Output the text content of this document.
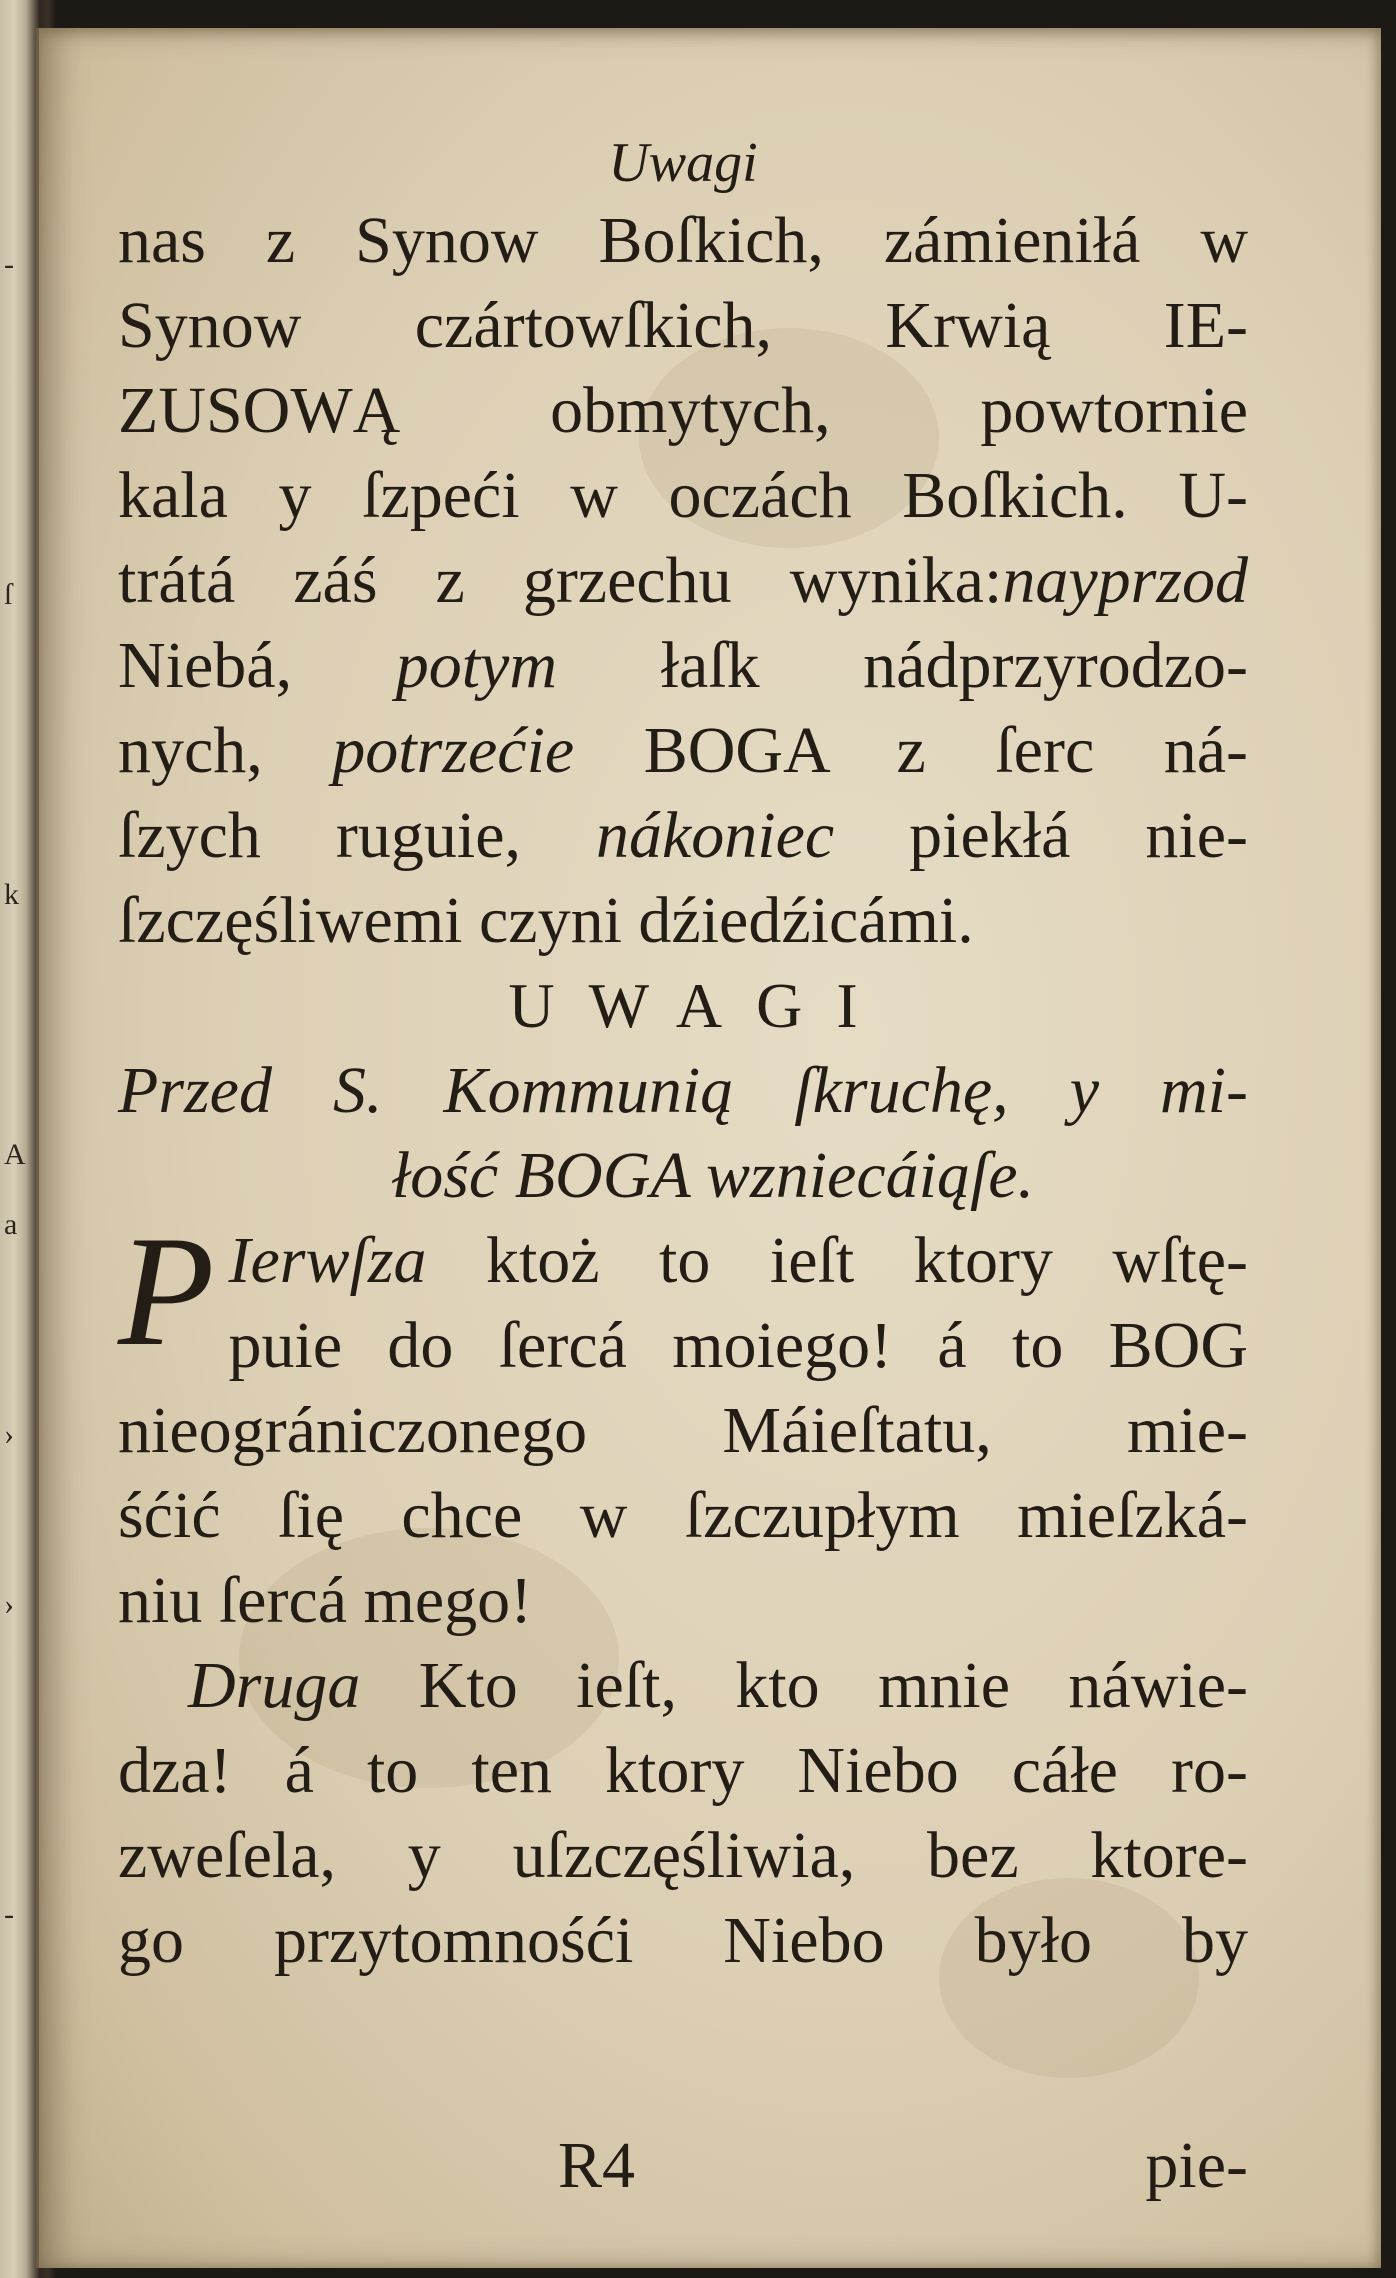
-
ſ
k
A
a
›
›
-
Uwagi
nas z Synow Boſkich, zámieniłá w
Synow czártowſkich, Krwią IE-
ZUSOWĄ obmytych, powtornie
kala y ſzpeći w oczách Boſkich. U-
trátá záś z grzechu wynika:nayprzod
Niebá, potym łaſk nádprzyrodzo-
nych, potrzećie BOGA z ſerc ná-
ſzych ruguie, nákoniec piekłá nie-
ſzczęśliwemi czyni dźiedźicámi.
UWAGI
Przed S. Kommunią ſkruchę, y mi-
łość BOGA wzniecáiąſe.
P Ierwſza ktoż to ieſt ktory wſtę-
puie do ſercá moiego! á to BOG
nieográniczonego Máieſtatu, mie-
śćić ſię chce w ſzczupłym mieſzká-
niu ſercá mego!
Druga Kto ieſt, kto mnie náwie-
dza! á to ten ktory Niebo cáłe ro-
zweſela, y uſzczęśliwia, bez ktore-
go przytomnośći Niebo było by
R4	pie-
